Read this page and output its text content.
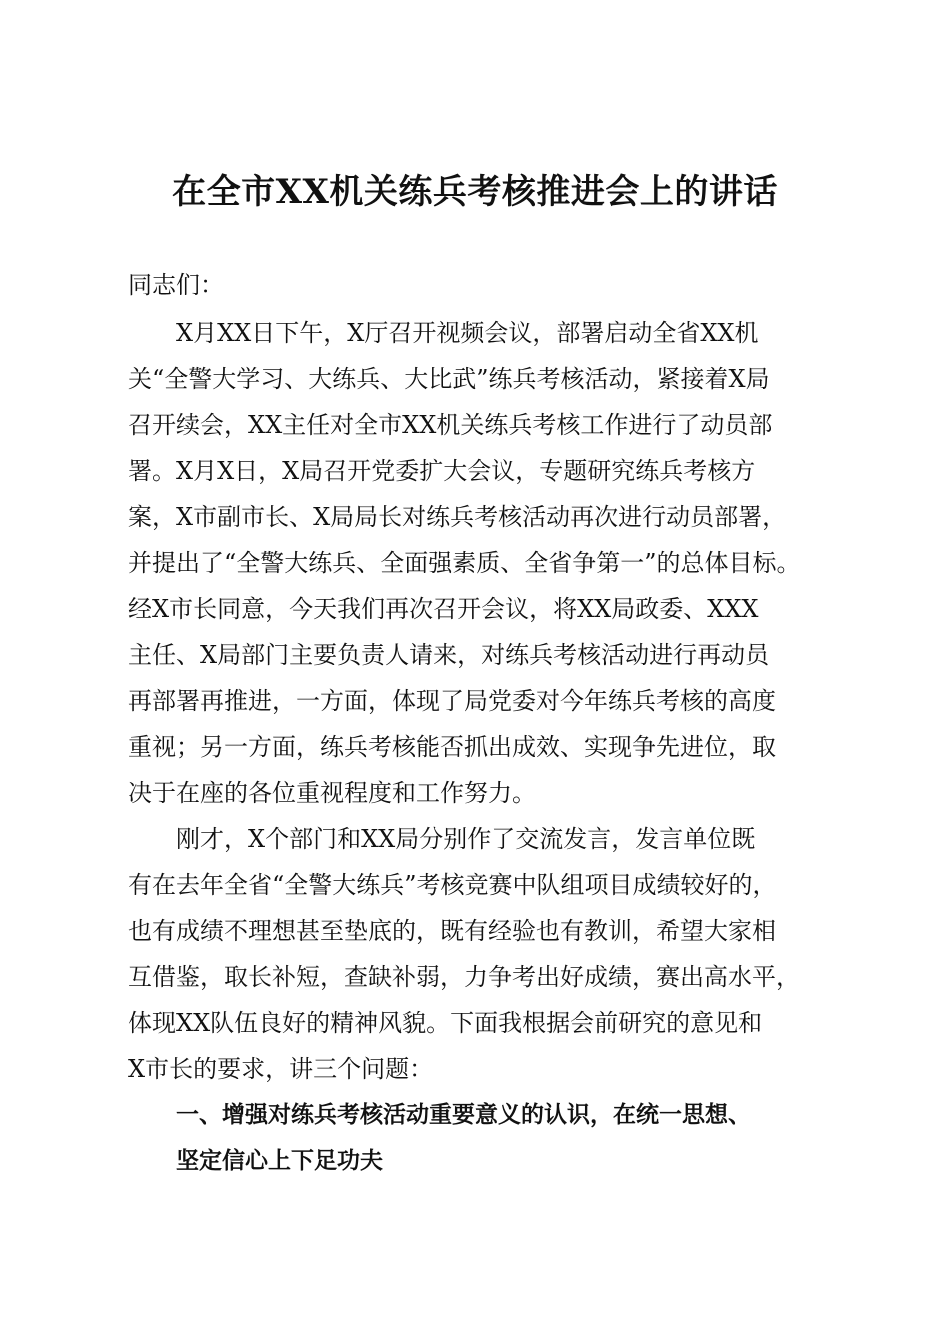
在全市XX机关练兵考核推进会上的讲话

同志们：

X月XX日下午，X厅召开视频会议，部署启动全省XX机
关“全警大学习、大练兵、大比武”练兵考核活动，紧接着X局
召开续会，XX主任对全市XX机关练兵考核工作进行了动员部
署。X月X日，X局召开党委扩大会议，专题研究练兵考核方
案，X市副市长、X局局长对练兵考核活动再次进行动员部署，
并提出了“全警大练兵、全面强素质、全省争第一”的总体目标。
经X市长同意，今天我们再次召开会议，将XX局政委、XXX
主任、X局部门主要负责人请来，对练兵考核活动进行再动员
再部署再推进，一方面，体现了局党委对今年练兵考核的高度
重视；另一方面，练兵考核能否抓出成效、实现争先进位，取
决于在座的各位重视程度和工作努力。
刚才，X个部门和XX局分别作了交流发言，发言单位既
有在去年全省“全警大练兵”考核竞赛中队组项目成绩较好的，
也有成绩不理想甚至垫底的，既有经验也有教训，希望大家相
互借鉴，取长补短，查缺补弱，力争考出好成绩，赛出高水平，
体现XX队伍良好的精神风貌。下面我根据会前研究的意见和
X市长的要求，讲三个问题：
一、增强对练兵考核活动重要意义的认识，在统一思想、
坚定信心上下足功夫
